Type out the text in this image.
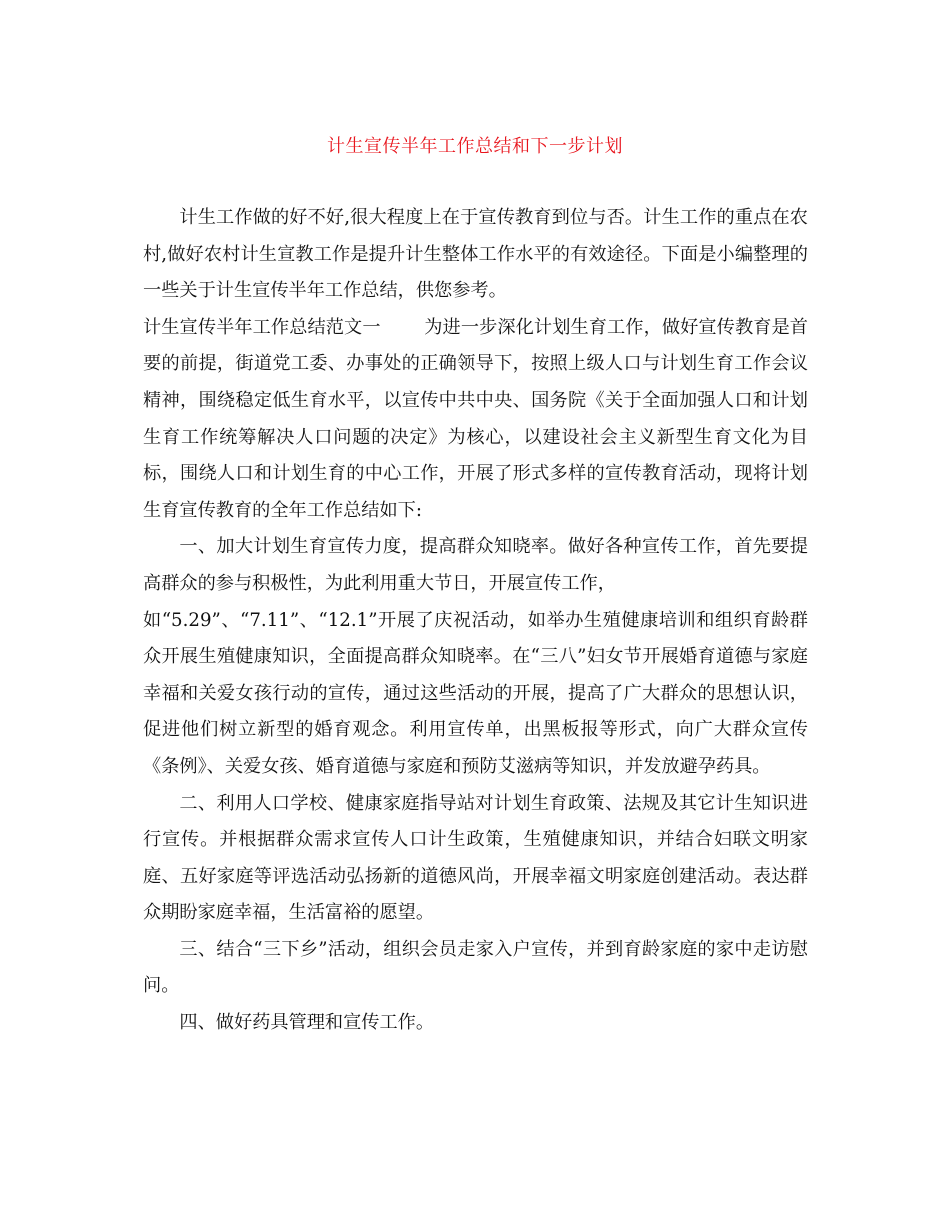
计生宣传半年工作总结和下一步计划

计生工作做的好不好,很大程度上在于宣传教育到位与否。计生工作的重点在农村,做好农村计生宣教工作是提升计生整体工作水平的有效途径。下面是小编整理的一些关于计生宣传半年工作总结，供您参考。

计生宣传半年工作总结范文一 为进一步深化计划生育工作，做好宣传教育是首要的前提，街道党工委、办事处的正确领导下，按照上级人口与计划生育工作会议精神，围绕稳定低生育水平，以宣传中共中央、国务院《关于全面加强人口和计划生育工作统筹解决人口问题的决定》为核心，以建设社会主义新型生育文化为目标，围绕人口和计划生育的中心工作，开展了形式多样的宣传教育活动，现将计划生育宣传教育的全年工作总结如下:

一、加大计划生育宣传力度，提高群众知晓率。做好各种宣传工作，首先要提高群众的参与积极性，为此利用重大节日，开展宣传工作，

如“5.29”、“7.11”、“12.1”开展了庆祝活动，如举办生殖健康培训和组织育龄群众开展生殖健康知识，全面提高群众知晓率。在“三八”妇女节开展婚育道德与家庭幸福和关爱女孩行动的宣传，通过这些活动的开展，提高了广大群众的思想认识，促进他们树立新型的婚育观念。利用宣传单，出黑板报等形式，向广大群众宣传《条例》、关爱女孩、婚育道德与家庭和预防艾滋病等知识，并发放避孕药具。

二、利用人口学校、健康家庭指导站对计划生育政策、法规及其它计生知识进行宣传。并根据群众需求宣传人口计生政策，生殖健康知识，并结合妇联文明家庭、五好家庭等评选活动弘扬新的道德风尚，开展幸福文明家庭创建活动。表达群众期盼家庭幸福，生活富裕的愿望。

三、结合“三下乡”活动，组织会员走家入户宣传，并到育龄家庭的家中走访慰问。

四、做好药具管理和宣传工作。
